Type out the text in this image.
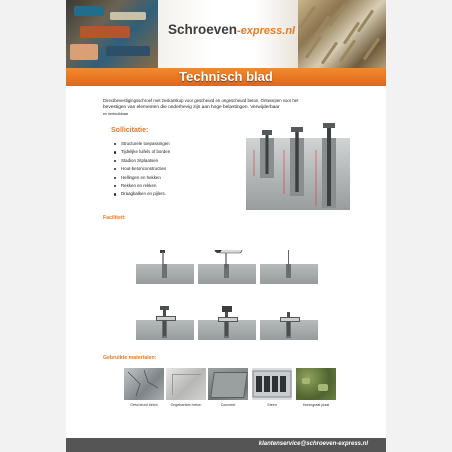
Schroeven-express.nl
Technisch blad
Directbevestigingsschroef met zeskantkop voor gescheurd en ongescheurd beton. Ontworpen voor het
bevestigen van elementen die onderhevig zijn aan hoge belastingen. Verwijderbaar
en herbruikbaar
Sollicitatie:
Structurele toepassingen
Tijdelijke luifels of borden
Stadion zitplaatsen
Hout-betonconstructies
Hellingen en hekken
Rekken en rekken
Draagbalken en pijlers.
Faciliteit:
Gebruikte materialen:
Gescheurd beton	Ongebarsten beton	Concreet	Steen	Honingraat plaat
klantenservice@schroeven-express.nl
